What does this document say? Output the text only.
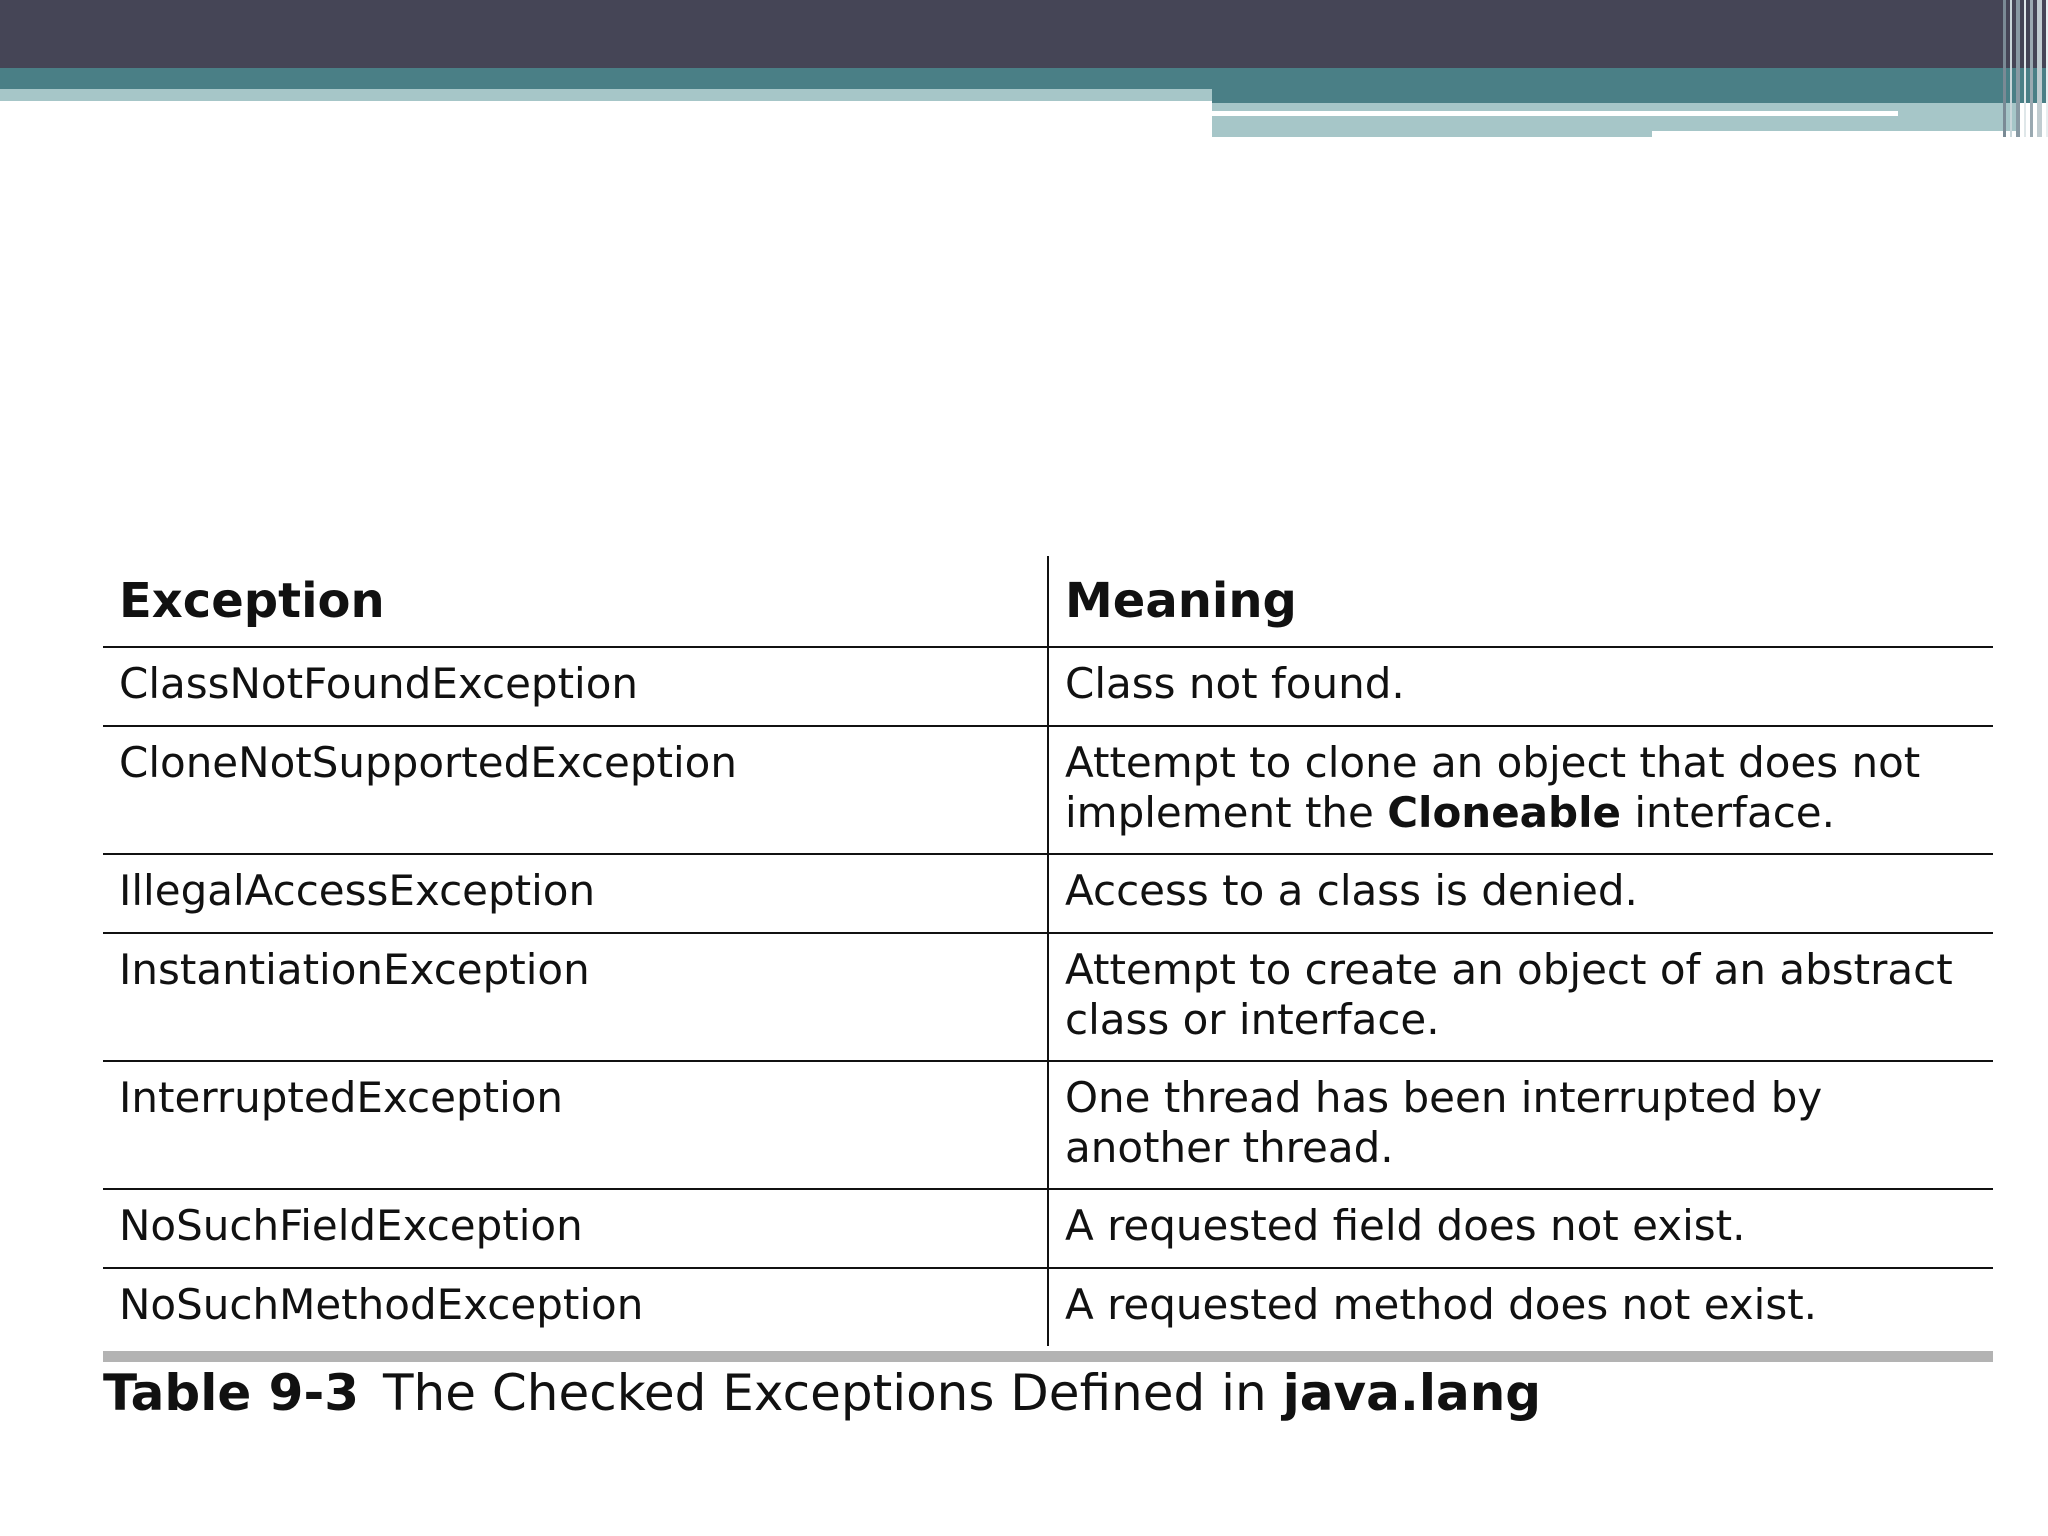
Exception	Meaning
ClassNotFoundException	Class not found.
CloneNotSupportedException	Attempt to clone an object that does not implement the Cloneable interface.
IllegalAccessException	Access to a class is denied.
InstantiationException	Attempt to create an object of an abstract class or interface.
InterruptedException	One thread has been interrupted by another thread.
NoSuchFieldException	A requested field does not exist.
NoSuchMethodException	A requested method does not exist.
Table 9-3 The Checked Exceptions Defined in java.lang
